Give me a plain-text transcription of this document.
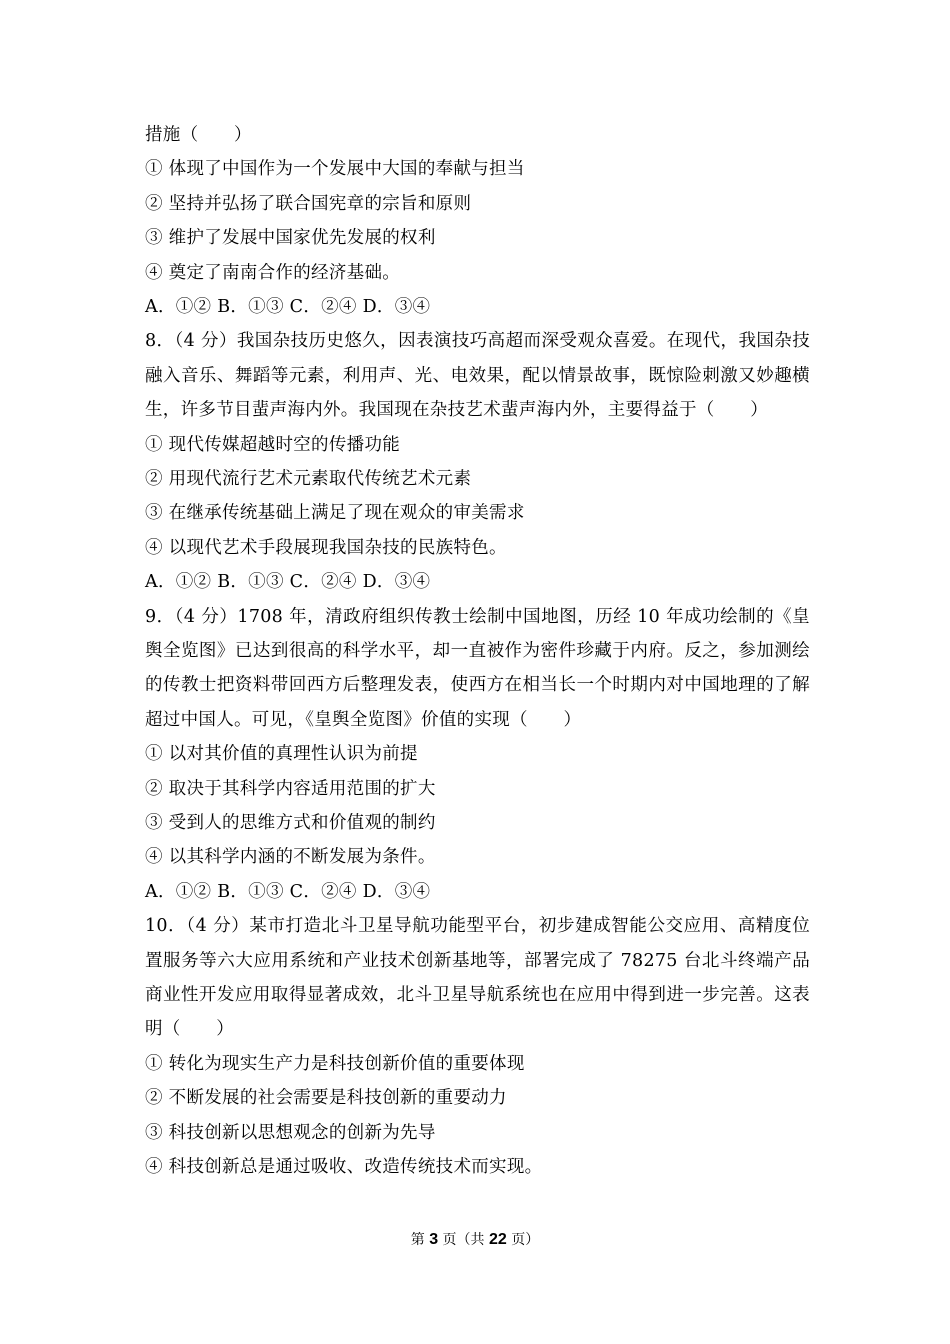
措施（　　）
① 体现了中国作为一个发展中大国的奉献与担当
② 坚持并弘扬了联合国宪章的宗旨和原则
③ 维护了发展中国家优先发展的权利
④ 奠定了南南合作的经济基础。
A．①② B．①③ C．②④ D．③④
8．（4 分）我国杂技历史悠久，因表演技巧高超而深受观众喜爱。在现代，我国杂技融入音乐、舞蹈等元素，利用声、光、电效果，配以情景故事，既惊险刺激又妙趣横生，许多节目蜚声海内外。我国现在杂技艺术蜚声海内外，主要得益于（　　）
① 现代传媒超越时空的传播功能
② 用现代流行艺术元素取代传统艺术元素
③ 在继承传统基础上满足了现在观众的审美需求
④ 以现代艺术手段展现我国杂技的民族特色。
A．①② B．①③ C．②④ D．③④
9．（4 分）1708 年，清政府组织传教士绘制中国地图，历经 10 年成功绘制的《皇舆全览图》已达到很高的科学水平，却一直被作为密件珍藏于内府。反之，参加测绘的传教士把资料带回西方后整理发表，使西方在相当长一个时期内对中国地理的了解超过中国人。可见，《皇舆全览图》价值的实现（　　）
① 以对其价值的真理性认识为前提
② 取决于其科学内容适用范围的扩大
③ 受到人的思维方式和价值观的制约
④ 以其科学内涵的不断发展为条件。
A．①② B．①③ C．②④ D．③④
10．（4 分）某市打造北斗卫星导航功能型平台，初步建成智能公交应用、高精度位置服务等六大应用系统和产业技术创新基地等，部署完成了 78275 台北斗终端产品商业性开发应用取得显著成效，北斗卫星导航系统也在应用中得到进一步完善。这表明（　　）
① 转化为现实生产力是科技创新价值的重要体现
② 不断发展的社会需要是科技创新的重要动力
③ 科技创新以思想观念的创新为先导
④ 科技创新总是通过吸收、改造传统技术而实现。
第 3 页（共 22 页）
